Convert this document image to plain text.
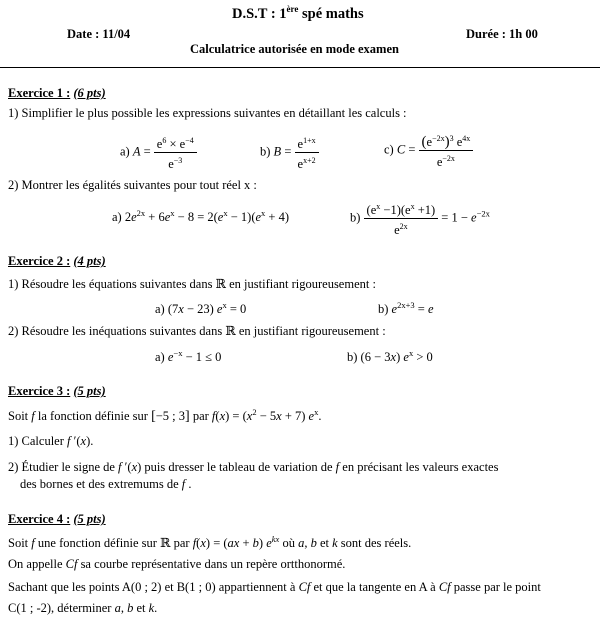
D.S.T : 1ère spé maths
Date : 11/04	Durée : 1h 00
Calculatrice autorisée en mode examen
Exercice 1 : (6 pts)
1) Simplifier le plus possible les expressions suivantes en détaillant les calculs :
a) $A = \frac{e^6 \times e^{-4}}{e^{-3}}$	b) $B = \frac{e^{1+x}}{e^{x+2}}$	c) $C = \frac{(e^{-2x})^3 e^{4x}}{e^{-2x}}$
2) Montrer les égalités suivantes pour tout réel x :
a) $2e^{2x} + 6e^x - 8 = 2(e^x - 1)(e^x + 4)$	$b) \frac{(e^x -1)(e^x +1)}{e^{2x}} = 1 - e^{-2x}$
Exercice 2 : (4 pts)
1) Résoudre les équations suivantes dans ℝ en justifiant rigoureusement :
a) (7x − 23) $e^x = 0$	b) $e^{2x+3} = e$
2) Résoudre les inéquations suivantes dans ℝ en justifiant rigoureusement :
a) $e^{-x} - 1 \le 0$	b) (6 − 3x) $e^x > 0$
Exercice 3 : (5 pts)
Soit f la fonction définie sur [−5 ; 3] par $f(x) = (x^2 - 5x + 7)$ $e^x$.
1) Calculer f ′(x).
2) Étudier le signe de f ′(x) puis dresser le tableau de variation de f en précisant les valeurs exactes
des bornes et des extremums de f .
Exercice 4 : (5 pts)
Soit f une fonction définie sur ℝ par f(x) = (ax + b) $e^{kx}$ où a, b et k sont des réels.
On appelle Cf sa courbe représentative dans un repère ortthonormé.
Sachant que les points A(0 ; 2) et B(1 ; 0) appartiennent à Cf et que la tangente en A à Cf passe par le point
C(1 ; -2), déterminer a, b et k.
